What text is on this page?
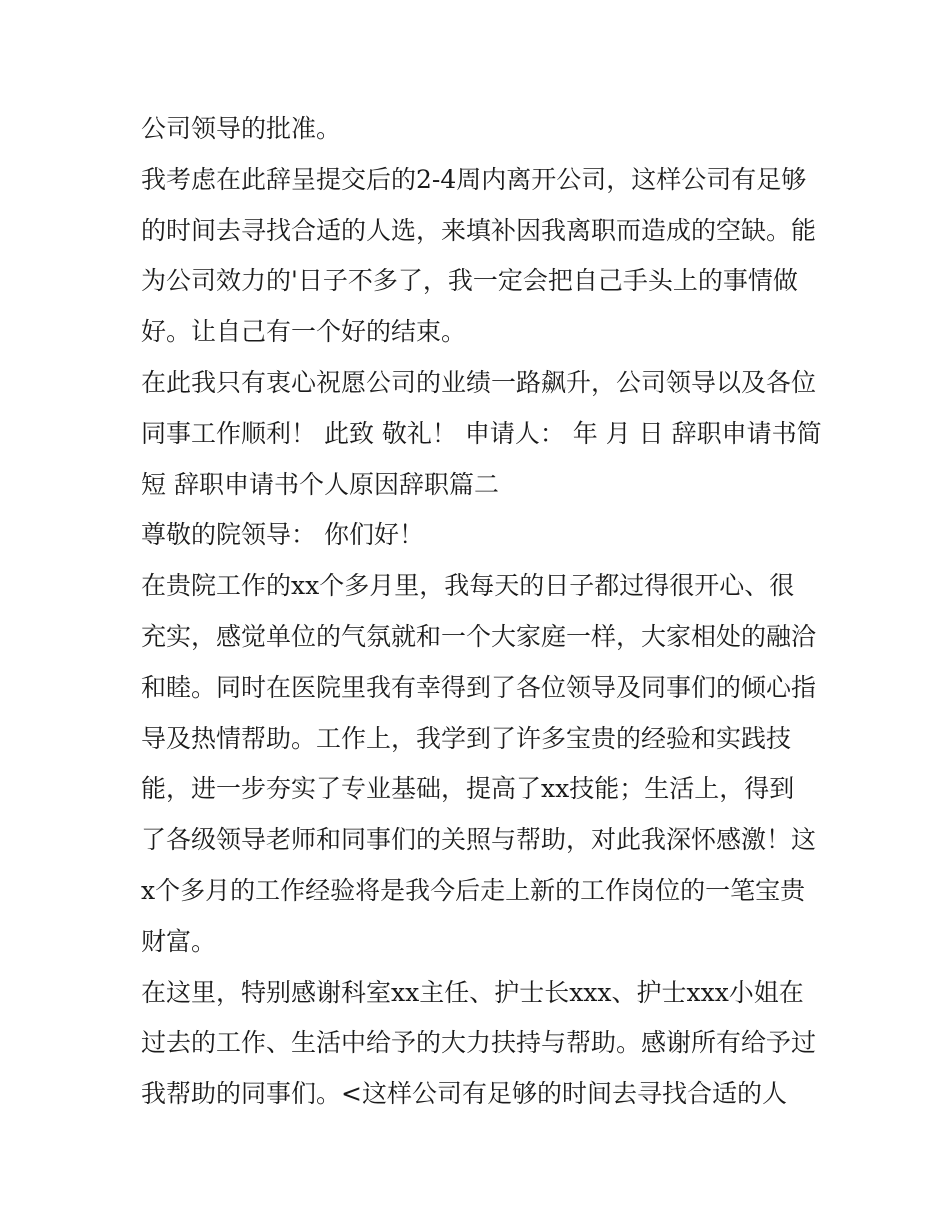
公司领导的批准。
我考虑在此辞呈提交后的2-4周内离开公司，这样公司有足够
的时间去寻找合适的人选，来填补因我离职而造成的空缺。能
为公司效力的'日子不多了，我一定会把自己手头上的事情做
好。让自己有一个好的结束。
在此我只有衷心祝愿公司的业绩一路飙升，公司领导以及各位
同事工作顺利！ 此致 敬礼！ 申请人： 年 月 日 辞职申请书简
短 辞职申请书个人原因辞职篇二
尊敬的院领导： 你们好！
在贵院工作的xx个多月里，我每天的日子都过得很开心、很
充实，感觉单位的气氛就和一个大家庭一样，大家相处的融洽
和睦。同时在医院里我有幸得到了各位领导及同事们的倾心指
导及热情帮助。工作上，我学到了许多宝贵的经验和实践技
能，进一步夯实了专业基础，提高了xx技能；生活上，得到
了各级领导老师和同事们的关照与帮助，对此我深怀感激！这
x个多月的工作经验将是我今后走上新的工作岗位的一笔宝贵
财富。
在这里，特别感谢科室xx主任、护士长xxx、护士xxx小姐在
过去的工作、生活中给予的大力扶持与帮助。感谢所有给予过
我帮助的同事们。<这样公司有足够的时间去寻找合适的人
